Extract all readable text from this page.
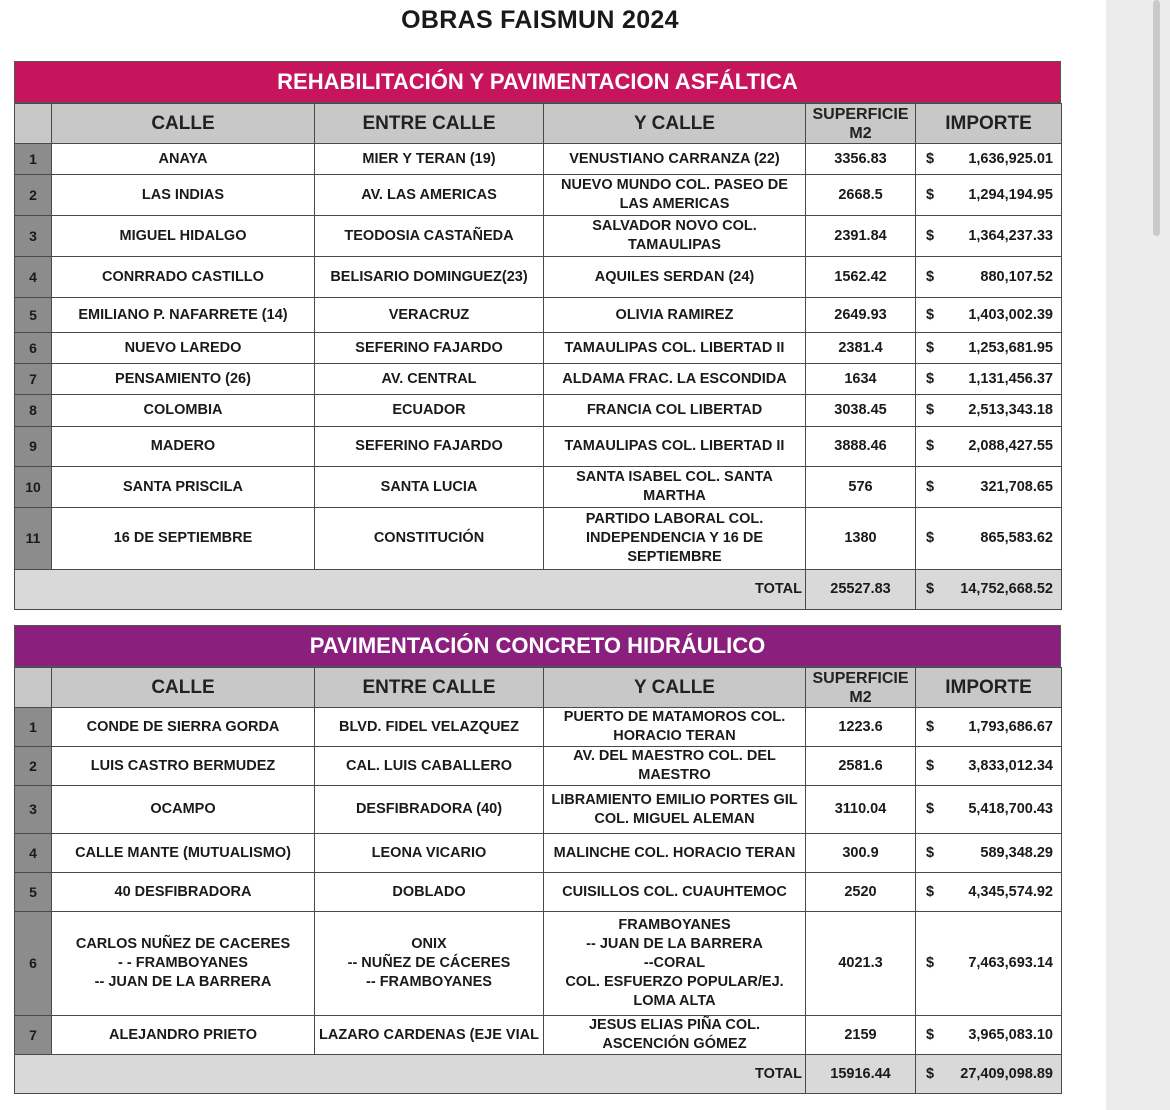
OBRAS FAISMUN 2024
REHABILITACIÓN Y PAVIMENTACION ASFÁLTICA
	CALLE	ENTRE CALLE	Y CALLE	SUPERFICIE M2	IMPORTE
1	ANAYA	MIER Y TERAN (19)	VENUSTIANO CARRANZA (22)	3356.83	$ 1,636,925.01

2	LAS INDIAS	AV. LAS AMERICAS	NUEVO MUNDO COL. PASEO DE LAS AMERICAS	2668.5	$ 1,294,194.95

3	MIGUEL HIDALGO	TEODOSIA CASTAÑEDA	SALVADOR NOVO COL. TAMAULIPAS	2391.84	$ 1,364,237.33

4	CONRRADO CASTILLO	BELISARIO DOMINGUEZ(23)	AQUILES SERDAN (24)	1562.42	$ 880,107.52

5	EMILIANO P. NAFARRETE (14)	VERACRUZ	OLIVIA RAMIREZ	2649.93	$ 1,403,002.39

6	NUEVO LAREDO	SEFERINO FAJARDO	TAMAULIPAS COL. LIBERTAD II	2381.4	$ 1,253,681.95

7	PENSAMIENTO (26)	AV. CENTRAL	ALDAMA FRAC. LA ESCONDIDA	1634	$ 1,131,456.37

8	COLOMBIA	ECUADOR	FRANCIA COL LIBERTAD	3038.45	$ 2,513,343.18

9	MADERO	SEFERINO FAJARDO	TAMAULIPAS COL. LIBERTAD II	3888.46	$ 2,088,427.55

10	SANTA PRISCILA	SANTA LUCIA	SANTA ISABEL COL. SANTA MARTHA	576	$ 321,708.65

11	16 DE SEPTIEMBRE	CONSTITUCIÓN	PARTIDO LABORAL COL. INDEPENDENCIA Y 16 DE SEPTIEMBRE	1380	$ 865,583.62

TOTAL				25527.83	$ 14,752,668.52
PAVIMENTACIÓN CONCRETO HIDRÁULICO
	CALLE	ENTRE CALLE	Y CALLE	SUPERFICIE M2	IMPORTE
1	CONDE DE SIERRA GORDA	BLVD. FIDEL VELAZQUEZ	PUERTO DE MATAMOROS COL. HORACIO TERAN	1223.6	$ 1,793,686.67

2	LUIS CASTRO BERMUDEZ	CAL. LUIS CABALLERO	AV. DEL MAESTRO COL. DEL MAESTRO	2581.6	$ 3,833,012.34

3	OCAMPO	DESFIBRADORA (40)	LIBRAMIENTO EMILIO PORTES GIL COL. MIGUEL ALEMAN	3110.04	$ 5,418,700.43

4	CALLE MANTE (MUTUALISMO)	LEONA VICARIO	MALINCHE COL. HORACIO TERAN	300.9	$ 589,348.29

5	40 DESFIBRADORA	DOBLADO	CUISILLOS COL. CUAUHTEMOC	2520	$ 4,345,574.92

6	CARLOS NUÑEZ DE CACERES
- - FRAMBOYANES
-- JUAN DE LA BARRERA	ONIX
-- NUÑEZ DE CÁCERES
-- FRAMBOYANES	FRAMBOYANES
-- JUAN DE LA BARRERA
--CORAL
COL. ESFUERZO POPULAR/EJ. LOMA ALTA	4021.3	$ 7,463,693.14

7	ALEJANDRO PRIETO	LAZARO CARDENAS (EJE VIAL	JESUS ELIAS PIÑA COL. ASCENCIÓN GÓMEZ	2159	$ 3,965,083.10

TOTAL				15916.44	$ 27,409,098.89
